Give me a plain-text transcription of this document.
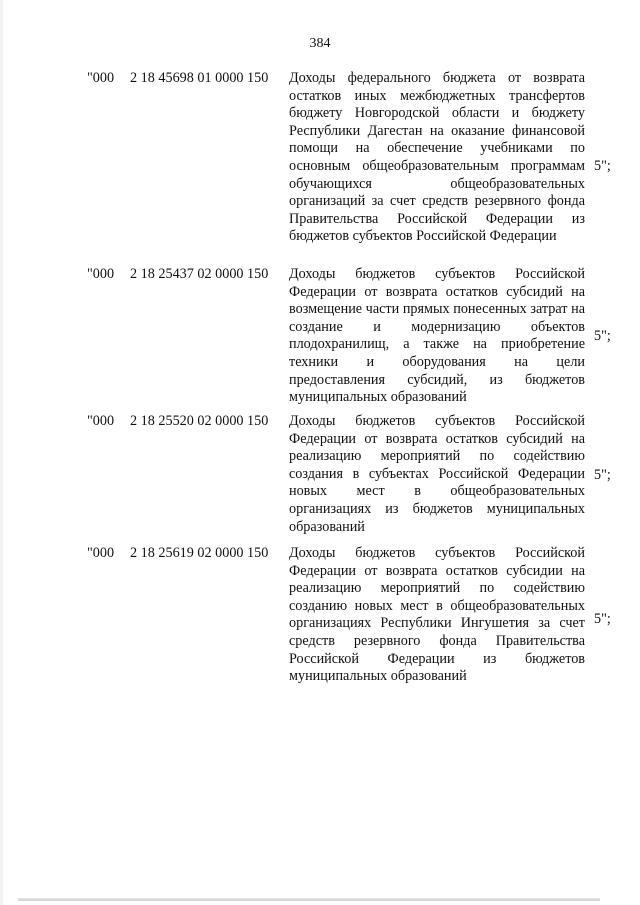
384
"000 2 18 45698 01 0000 150 Доходы федерального бюджета от возврата остатков иных межбюджетных трансфертов бюджету Новгородской области и бюджету Республики Дагестан на оказание финансовой помощи на обеспечение учебниками по основным общеобразовательным программам обучающихся общеобразовательных организаций за счет средств резервного фонда Правительства Российской Федерации из бюджетов субъектов Российской Федерации
5";
"000 2 18 25437 02 0000 150 Доходы бюджетов субъектов Российской Федерации от возврата остатков субсидий на возмещение части прямых понесенных затрат на создание и модернизацию объектов плодохранилищ, а также на приобретение техники и оборудования на цели предоставления субсидий, из бюджетов муниципальных образований
5";
"000 2 18 25520 02 0000 150 Доходы бюджетов субъектов Российской Федерации от возврата остатков субсидий на реализацию мероприятий по содействию создания в субъектах Российской Федерации новых мест в общеобразовательных организациях из бюджетов муниципальных образований
5";
"000 2 18 25619 02 0000 150 Доходы бюджетов субъектов Российской Федерации от возврата остатков субсидии на реализацию мероприятий по содействию созданию новых мест в общеобразовательных организациях Республики Ингушетия за счет средств резервного фонда Правительства Российской Федерации из бюджетов муниципальных образований
5";
